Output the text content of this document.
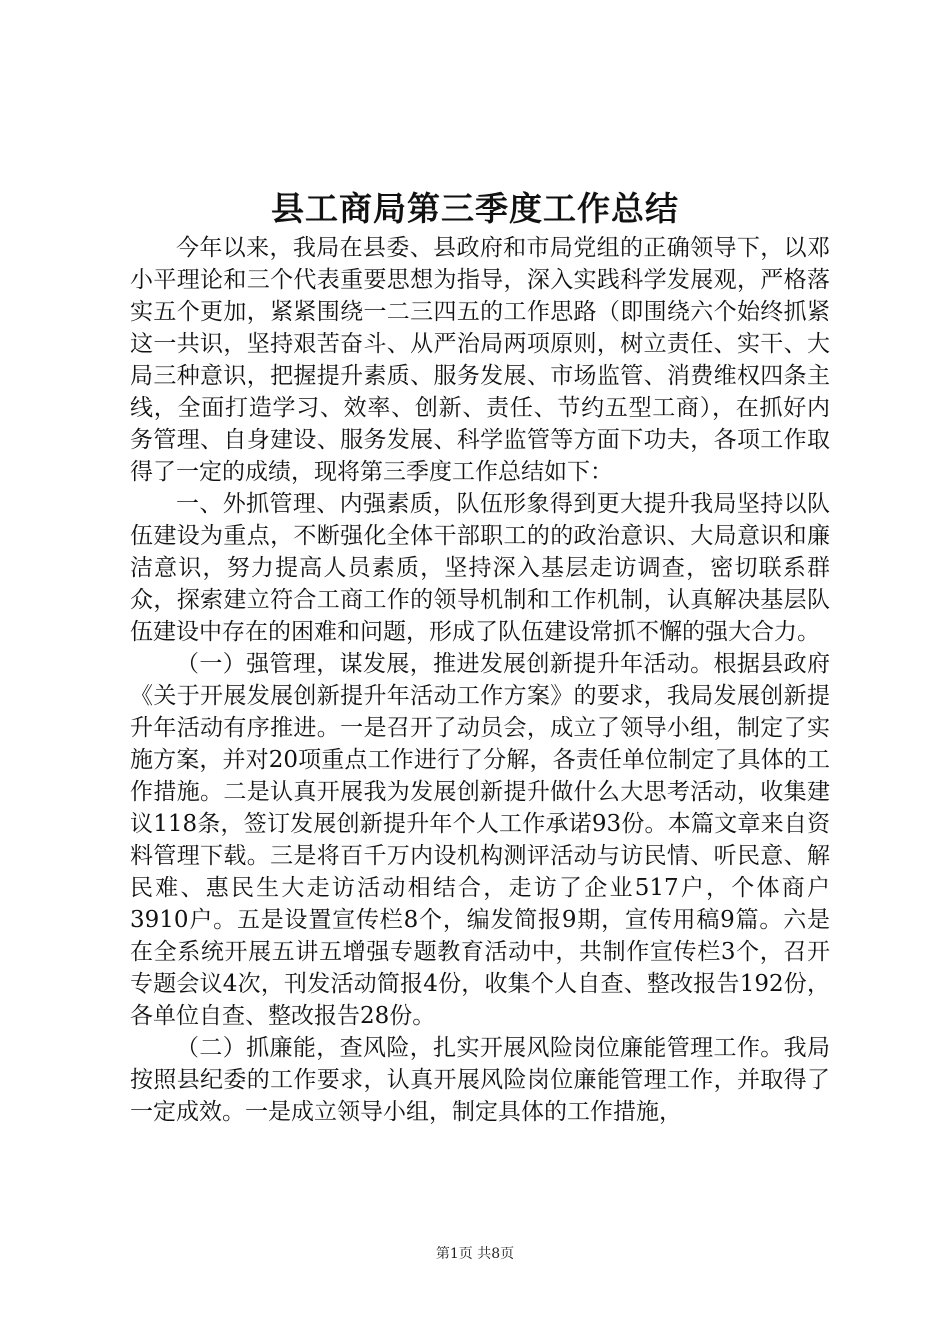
县工商局第三季度工作总结

今年以来，我局在县委、县政府和市局党组的正确领导下，以邓小平理论和三个代表重要思想为指导，深入实践科学发展观，严格落实五个更加，紧紧围绕一二三四五的工作思路（即围绕六个始终抓紧这一共识，坚持艰苦奋斗、从严治局两项原则，树立责任、实干、大局三种意识，把握提升素质、服务发展、市场监管、消费维权四条主线，全面打造学习、效率、创新、责任、节约五型工商），在抓好内务管理、自身建设、服务发展、科学监管等方面下功夫，各项工作取得了一定的成绩，现将第三季度工作总结如下：

一、外抓管理、内强素质，队伍形象得到更大提升我局坚持以队伍建设为重点，不断强化全体干部职工的的政治意识、大局意识和廉洁意识，努力提高人员素质，坚持深入基层走访调查，密切联系群众，探索建立符合工商工作的领导机制和工作机制，认真解决基层队伍建设中存在的困难和问题，形成了队伍建设常抓不懈的强大合力。

（一）强管理，谋发展，推进发展创新提升年活动。根据县政府《关于开展发展创新提升年活动工作方案》的要求，我局发展创新提升年活动有序推进。一是召开了动员会，成立了领导小组，制定了实施方案，并对20项重点工作进行了分解，各责任单位制定了具体的工作措施。二是认真开展我为发展创新提升做什么大思考活动，收集建议118条，签订发展创新提升年个人工作承诺93份。本篇文章来自资料管理下载。三是将百千万内设机构测评活动与访民情、听民意、解民难、惠民生大走访活动相结合，走访了企业517户，个体商户3910户。五是设置宣传栏8个，编发简报9期，宣传用稿9篇。六是在全系统开展五讲五增强专题教育活动中，共制作宣传栏3个，召开专题会议4次，刊发活动简报4份，收集个人自查、整改报告192份，各单位自查、整改报告28份。

（二）抓廉能，查风险，扎实开展风险岗位廉能管理工作。我局按照县纪委的工作要求，认真开展风险岗位廉能管理工作，并取得了一定成效。一是成立领导小组，制定具体的工作措施，

第1页 共8页
